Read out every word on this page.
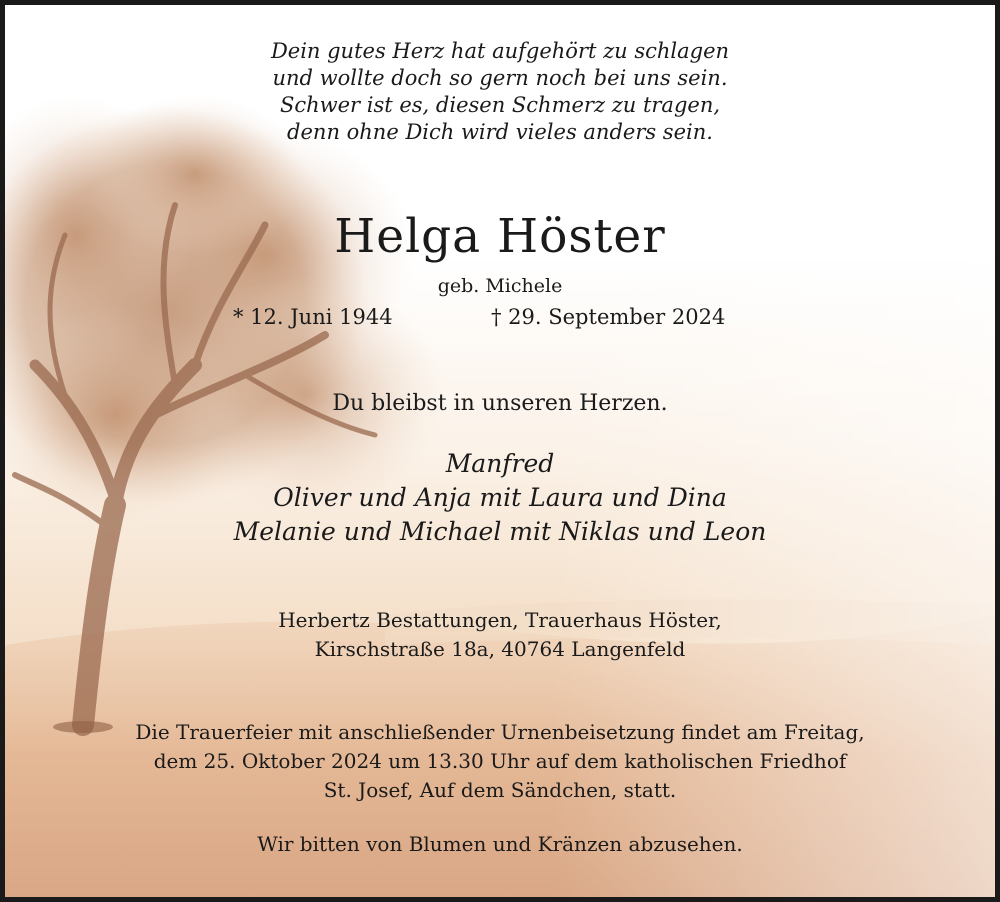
Dein gutes Herz hat aufgehört zu schlagen
und wollte doch so gern noch bei uns sein.
Schwer ist es, diesen Schmerz zu tragen,
denn ohne Dich wird vieles anders sein.
Helga Höster
geb. Michele
* 12. Juni 1944	† 29. September 2024
Du bleibst in unseren Herzen.
Manfred
Oliver und Anja mit Laura und Dina
Melanie und Michael mit Niklas und Leon
Herbertz Bestattungen, Trauerhaus Höster,
Kirschstraße 18a, 40764 Langenfeld
Die Trauerfeier mit anschließender Urnenbeisetzung findet am Freitag,
dem 25. Oktober 2024 um 13.30 Uhr auf dem katholischen Friedhof
St. Josef, Auf dem Sändchen, statt.
Wir bitten von Blumen und Kränzen abzusehen.
